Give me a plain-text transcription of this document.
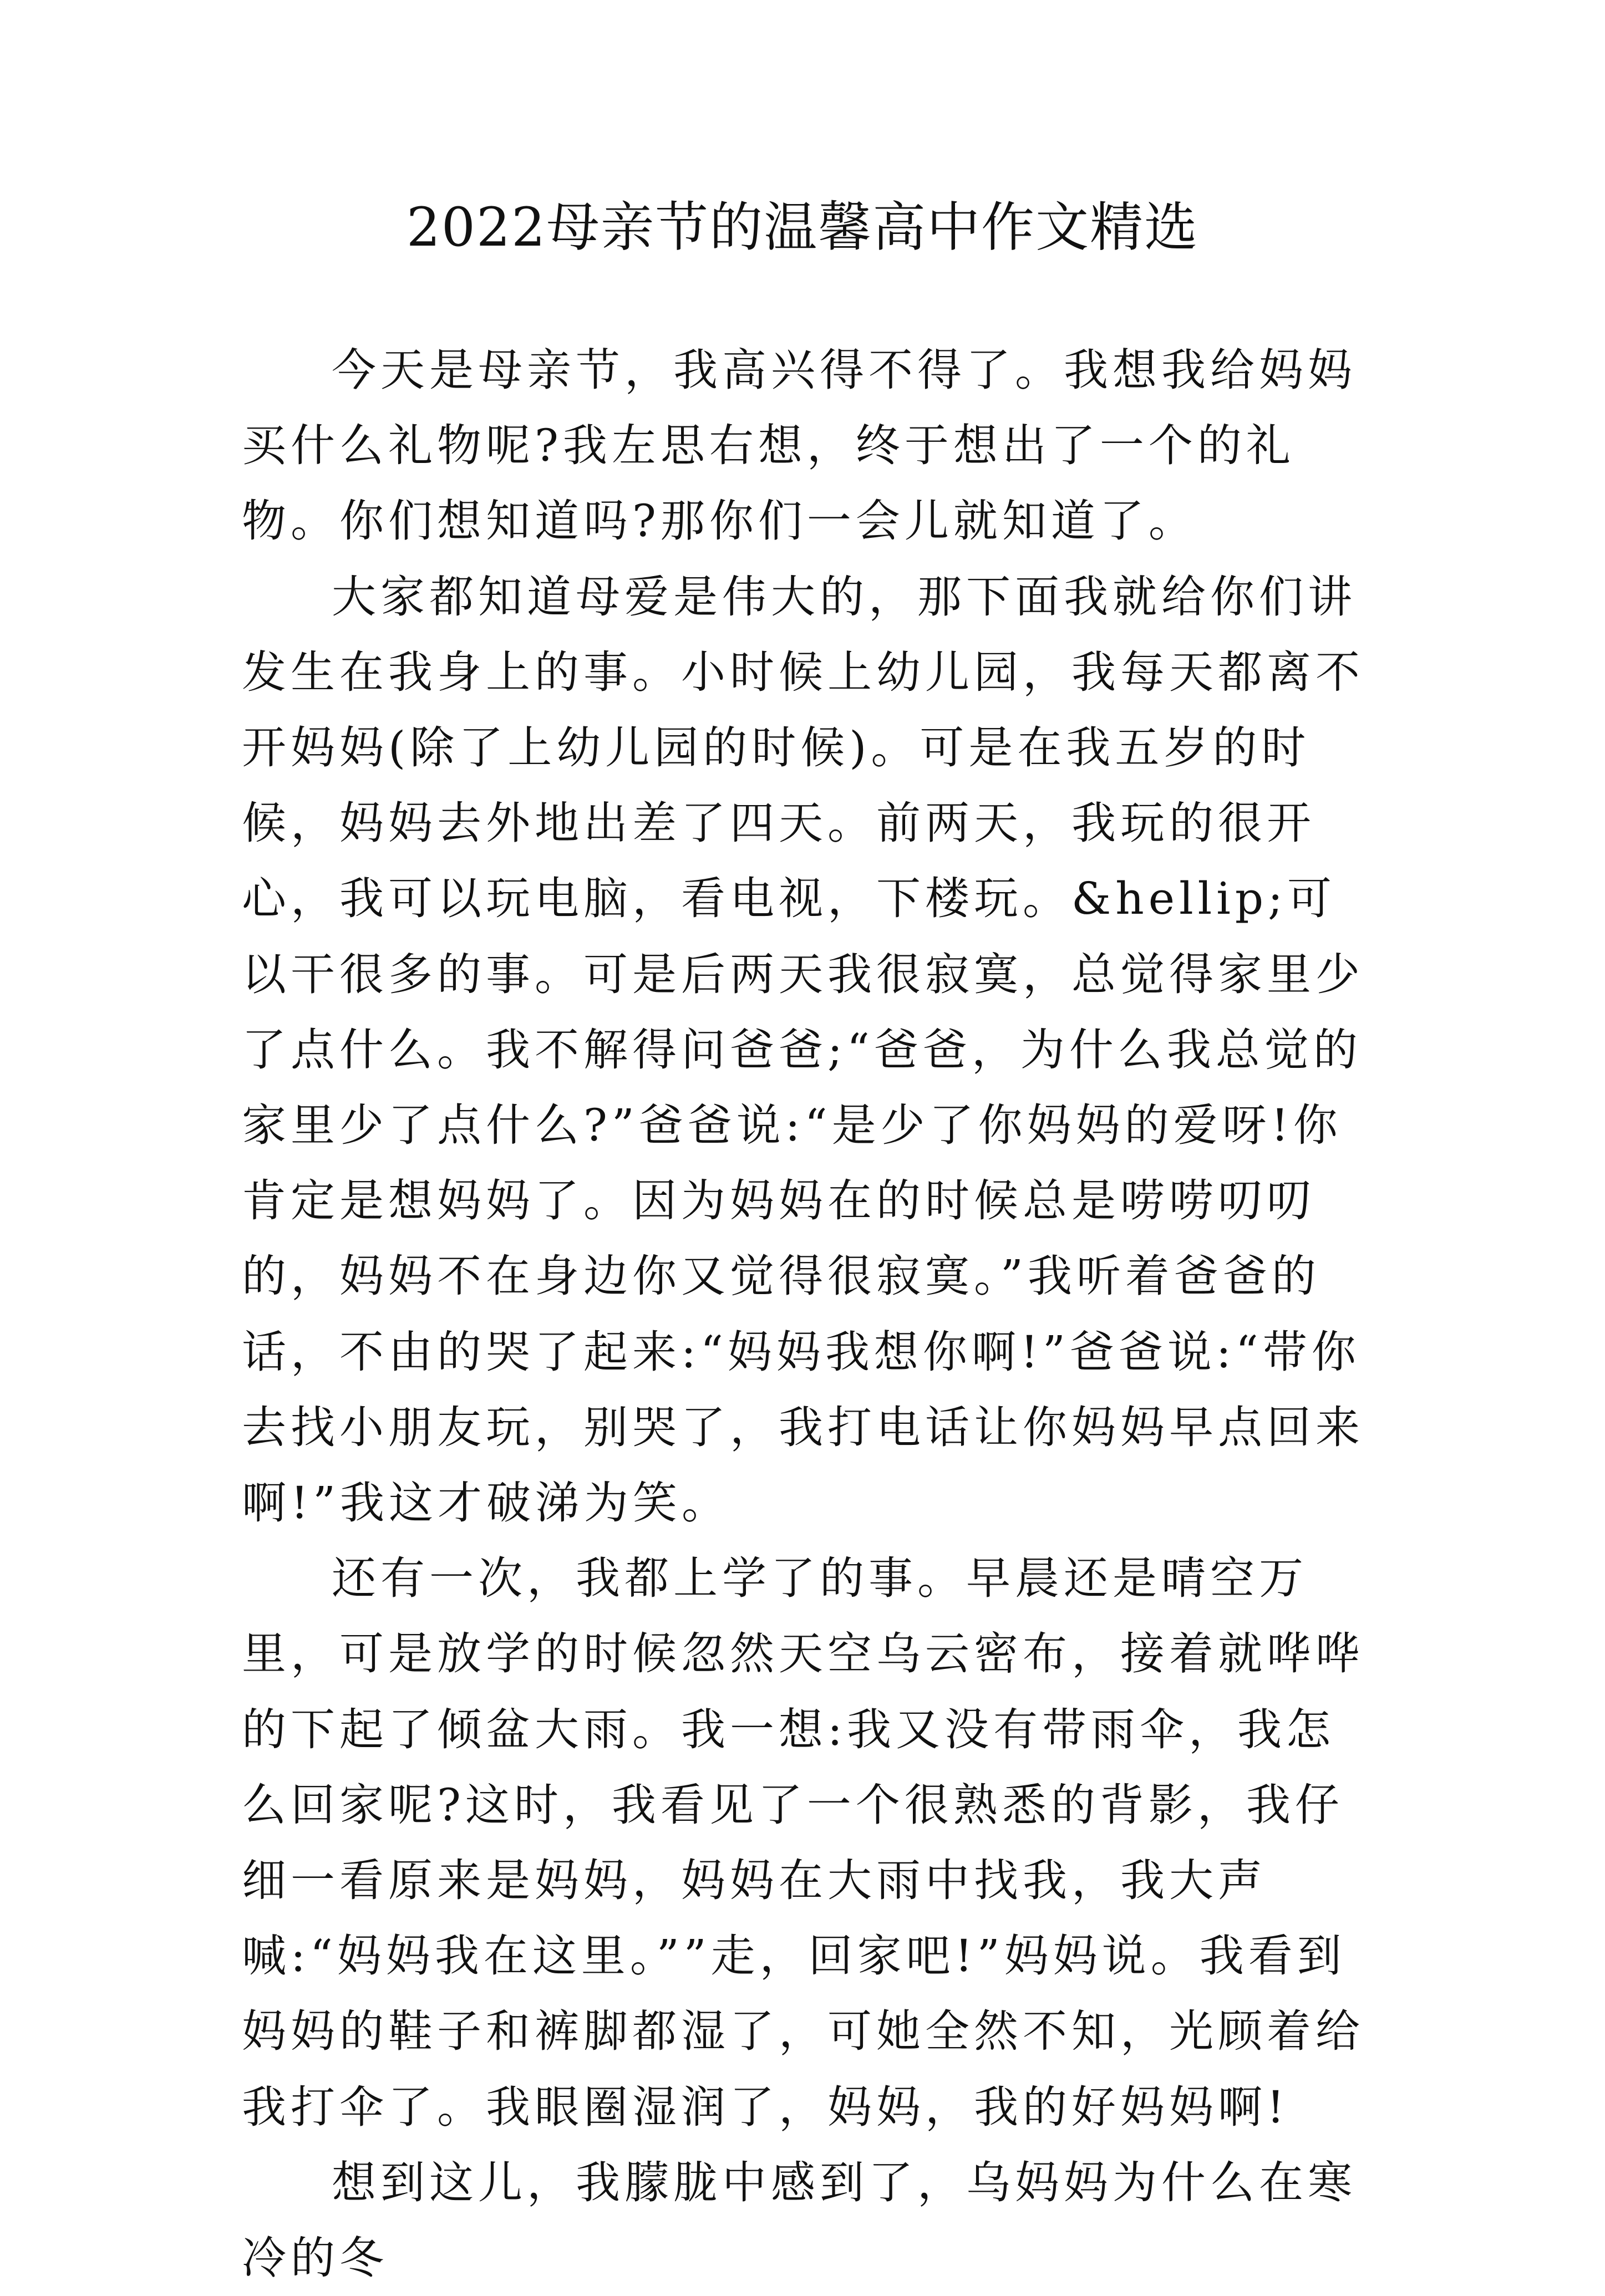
2022母亲节的温馨高中作文精选

今天是母亲节，我高兴得不得了。我想我给妈妈买什么礼物呢?我左思右想，终于想出了一个的礼物。你们想知道吗?那你们一会儿就知道了。

大家都知道母爱是伟大的，那下面我就给你们讲发生在我身上的事。小时候上幼儿园，我每天都离不开妈妈(除了上幼儿园的时候)。可是在我五岁的时候，妈妈去外地出差了四天。前两天，我玩的很开心，我可以玩电脑，看电视，下楼玩。&hellip;可以干很多的事。可是后两天我很寂寞，总觉得家里少了点什么。我不解得问爸爸;“爸爸，为什么我总觉的家里少了点什么?”爸爸说:“是少了你妈妈的爱呀!你肯定是想妈妈了。因为妈妈在的时候总是唠唠叨叨的，妈妈不在身边你又觉得很寂寞。”我听着爸爸的话，不由的哭了起来:“妈妈我想你啊!”爸爸说:“带你去找小朋友玩，别哭了，我打电话让你妈妈早点回来啊!”我这才破涕为笑。

还有一次，我都上学了的事。早晨还是晴空万里，可是放学的时候忽然天空乌云密布，接着就哗哗的下起了倾盆大雨。我一想:我又没有带雨伞，我怎么回家呢?这时，我看见了一个很熟悉的背影，我仔细一看原来是妈妈，妈妈在大雨中找我，我大声喊:“妈妈我在这里。””走，回家吧!”妈妈说。我看到妈妈的鞋子和裤脚都湿了，可她全然不知，光顾着给我打伞了。我眼圈湿润了，妈妈，我的好妈妈啊!

想到这儿，我朦胧中感到了，乌妈妈为什么在寒冷的冬
